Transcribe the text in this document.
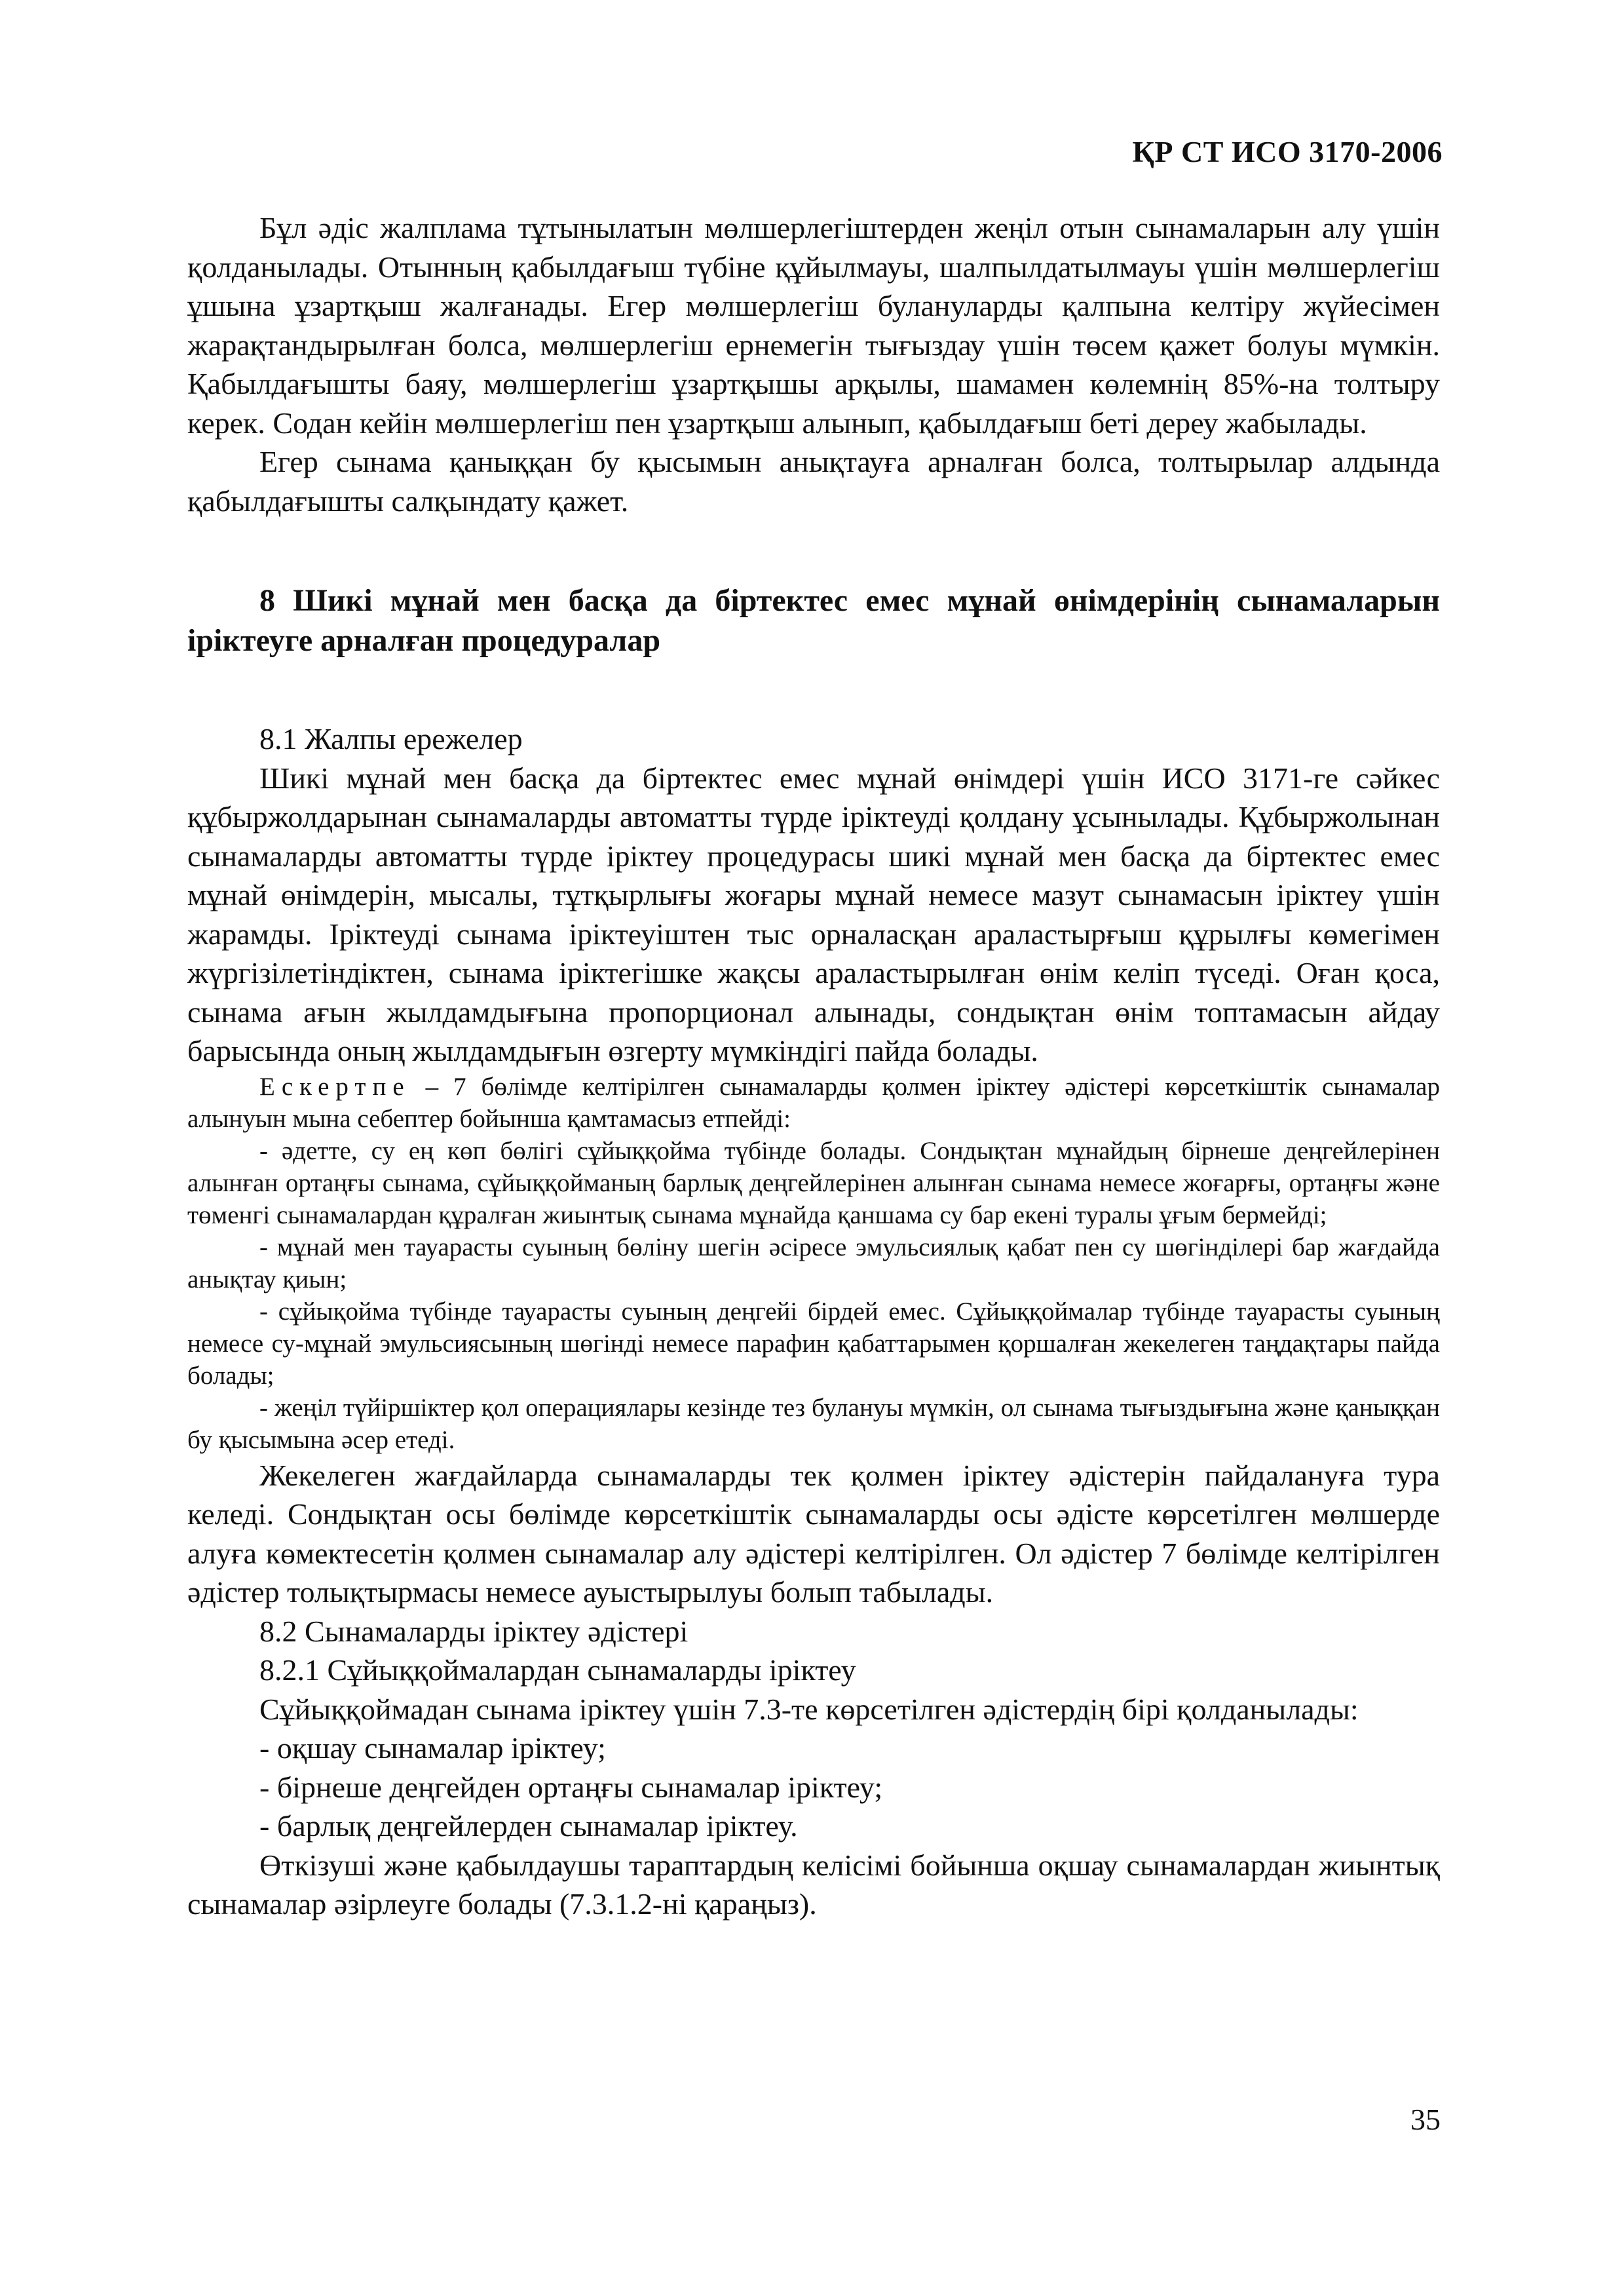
ҚР СТ ИСО 3170-2006

Бұл әдіс жалплама тұтынылатын мөлшерлегіштерден жеңіл отын сынамаларын алу үшін қолданылады. Отынның қабылдағыш түбіне құйылмауы, шалпылдатылмауы үшін мөлшерлегіш ұшына ұзартқыш жалғанады. Егер мөлшерлегіш булануларды қалпына келтіру жүйесімен жарақтандырылған болса, мөлшерлегіш ернемегін тығыздау үшін төсем қажет болуы мүмкін. Қабылдағышты баяу, мөлшерлегіш ұзартқышы арқылы, шамамен көлемнің 85%-на толтыру керек. Содан кейін мөлшерлегіш пен ұзартқыш алынып, қабылдағыш беті дереу жабылады.

Егер сынама қаныққан бу қысымын анықтауға арналған болса, толтырылар алдында қабылдағышты салқындату қажет.

8 Шикі мұнай мен басқа да біртектес емес мұнай өнімдерінің сынамаларын іріктеуге арналған процедуралар

8.1 Жалпы ережелер

Шикі мұнай мен басқа да біртектес емес мұнай өнімдері үшін ИСО 3171-ге сәйкес құбыржолдарынан сынамаларды автоматты түрде іріктеуді қолдану ұсынылады. Құбыржолынан сынамаларды автоматты түрде іріктеу процедурасы шикі мұнай мен басқа да біртектес емес мұнай өнімдерін, мысалы, тұтқырлығы жоғары мұнай немесе мазут сынамасын іріктеу үшін жарамды. Іріктеуді сынама іріктеуіштен тыс орналасқан араластырғыш құрылғы көмегімен жүргізілетіндіктен, сынама іріктегішке жақсы араластырылған өнім келіп түседі. Оған қоса, сынама ағын жылдамдығына пропорционал алынады, сондықтан өнім топтамасын айдау барысында оның жылдамдығын өзгерту мүмкіндігі пайда болады.

Ескертпе – 7 бөлімде келтірілген сынамаларды қолмен іріктеу әдістері көрсеткіштік сынамалар алынуын мына себептер бойынша қамтамасыз етпейді:

- әдетте, су ең көп бөлігі сұйыққойма түбінде болады. Сондықтан мұнайдың бірнеше деңгейлерінен алынған ортаңғы сынама, сұйыққойманың барлық деңгейлерінен алынған сынама немесе жоғарғы, ортаңғы және төменгі сынамалардан құралған жиынтық сынама мұнайда қаншама су бар екені туралы ұғым бермейді;

- мұнай мен тауарасты суының бөліну шегін әсіресе эмульсиялық қабат пен су шөгінділері бар жағдайда анықтау қиын;

- сұйықойма түбінде тауарасты суының деңгейі бірдей емес. Сұйыққоймалар түбінде тауарасты суының немесе су-мұнай эмульсиясының шөгінді немесе парафин қабаттарымен қоршалған жекелеген таңдақтары пайда болады;

- жеңіл түйіршіктер қол операциялары кезінде тез булануы мүмкін, ол сынама тығыздығына және қаныққан бу қысымына әсер етеді.

Жекелеген жағдайларда сынамаларды тек қолмен іріктеу әдістерін пайдалануға тура келеді. Сондықтан осы бөлімде көрсеткіштік сынамаларды осы әдісте көрсетілген мөлшерде алуға көмектесетін қолмен сынамалар алу әдістері келтірілген. Ол әдістер 7 бөлімде келтірілген әдістер толықтырмасы немесе ауыстырылуы болып табылады.

8.2 Сынамаларды іріктеу әдістері

8.2.1 Сұйыққоймалардан сынамаларды іріктеу

Сұйыққоймадан сынама іріктеу үшін 7.3-те көрсетілген әдістердің бірі қолданылады:

- оқшау сынамалар іріктеу;

- бірнеше деңгейден ортаңғы сынамалар іріктеу;

- барлық деңгейлерден сынамалар іріктеу.

Өткізуші және қабылдаушы тараптардың келісімі бойынша оқшау сынамалардан жиынтық сынамалар әзірлеуге болады (7.3.1.2-ні қараңыз).

35
